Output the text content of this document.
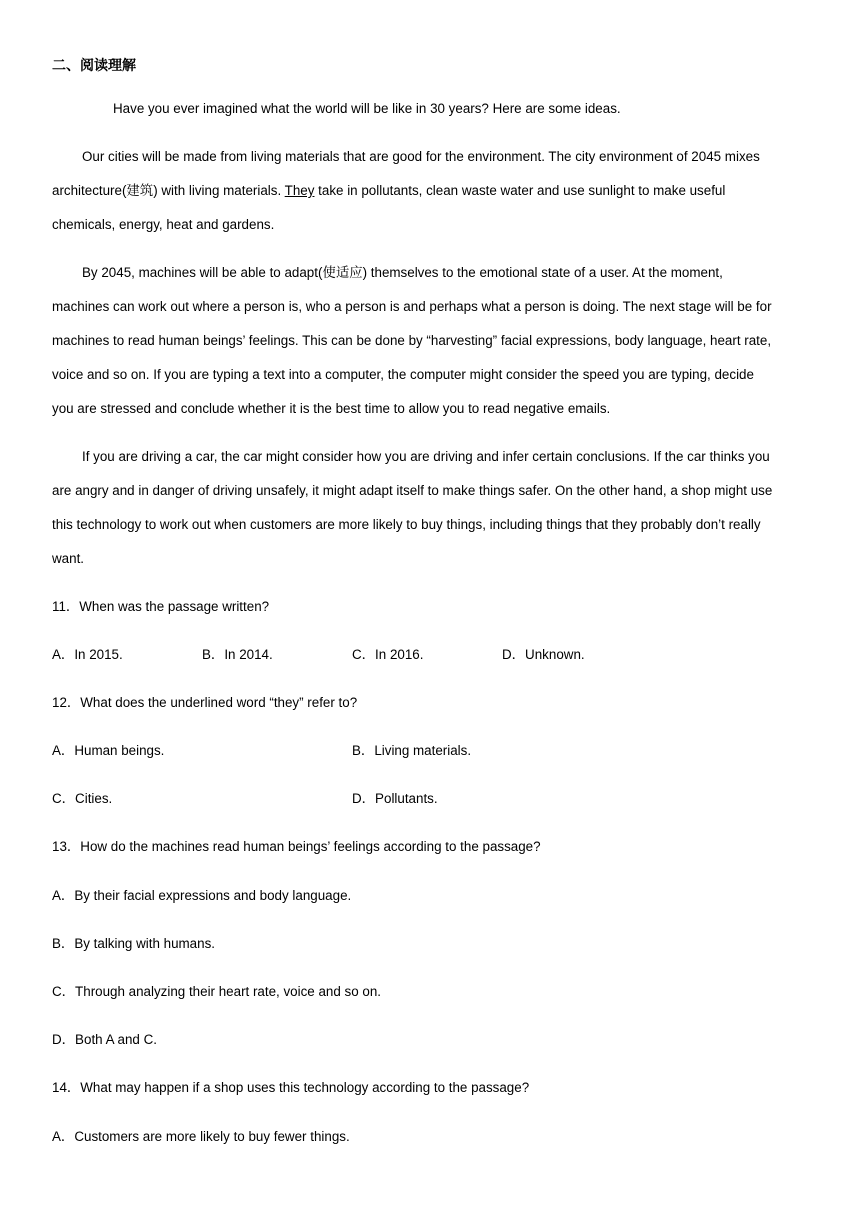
二、阅读理解
Have you ever imagined what the world will be like in 30 years? Here are some ideas.
Our cities will be made from living materials that are good for the environment. The city environment of 2045 mixes
architecture(建筑) with living materials. They take in pollutants, clean waste water and use sunlight to make useful
chemicals, energy, heat and gardens.
By 2045, machines will be able to adapt(使适应) themselves to the emotional state of a user. At the moment,
machines can work out where a person is, who a person is and perhaps what a person is doing. The next stage will be for
machines to read human beings’ feelings. This can be done by “harvesting” facial expressions, body language, heart rate,
voice and so on. If you are typing a text into a computer, the computer might consider the speed you are typing, decide
you are stressed and conclude whether it is the best time to allow you to read negative emails.
If you are driving a car, the car might consider how you are driving and infer certain conclusions. If the car thinks you
are angry and in danger of driving unsafely, it might adapt itself to make things safer. On the other hand, a shop might use
this technology to work out when customers are more likely to buy things, including things that they probably don’t really
want.
11．When was the passage written?
A．In 2015.	B．In 2014.	C．In 2016.	D．Unknown.
12．What does the underlined word “they” refer to?
A．Human beings.	B．Living materials.
C．Cities.	D．Pollutants.
13．How do the machines read human beings’ feelings according to the passage?
A．By their facial expressions and body language.
B．By talking with humans.
C．Through analyzing their heart rate, voice and so on.
D．Both A and C.
14．What may happen if a shop uses this technology according to the passage?
A．Customers are more likely to buy fewer things.
